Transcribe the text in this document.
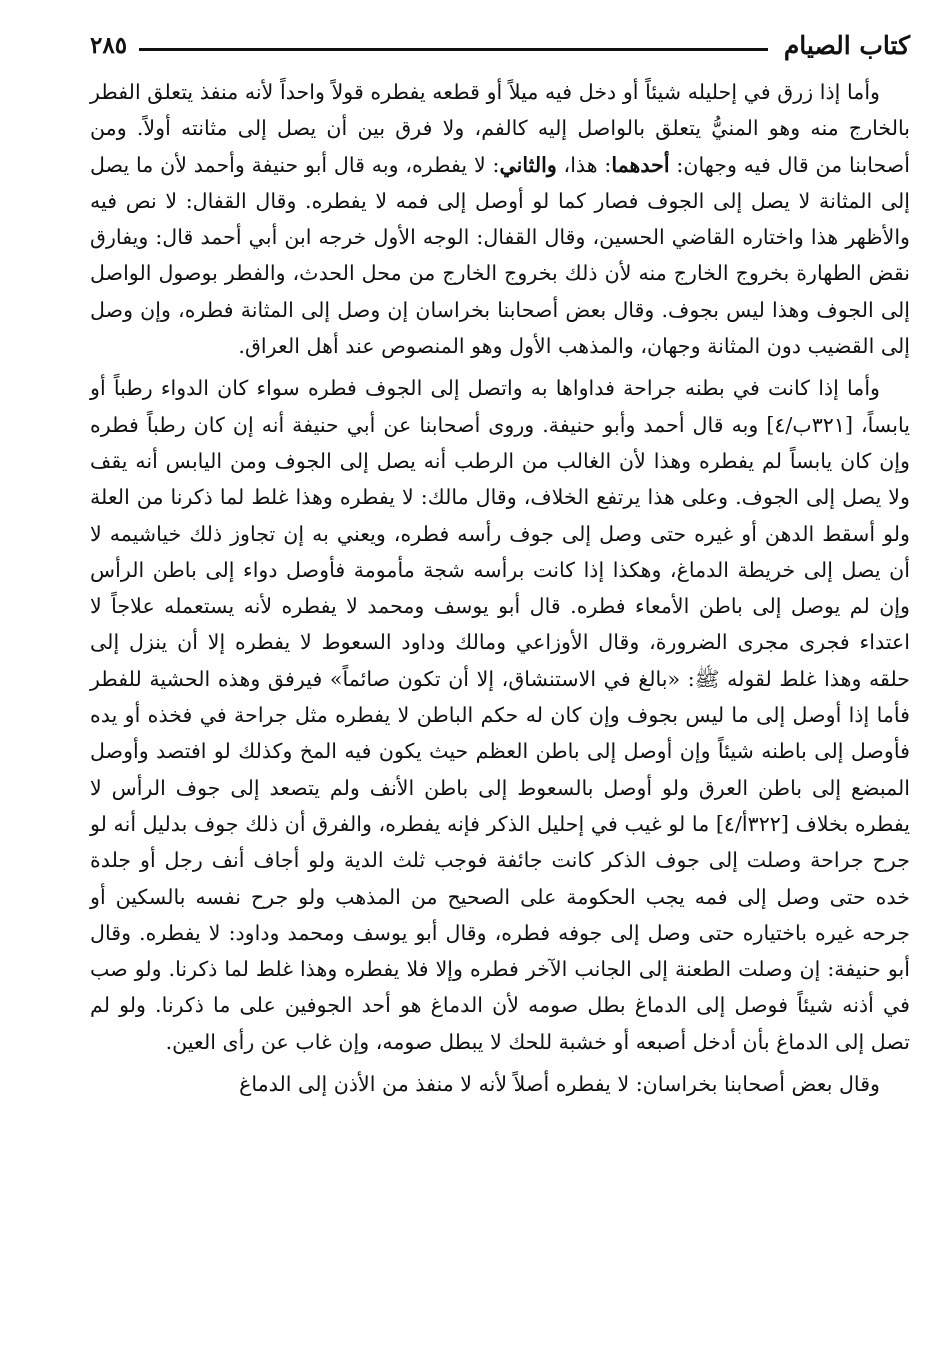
كتاب الصيام
٢٨٥

وأما إذا زرق في إحليله شيئاً أو دخل فيه ميلاً أو قطعه يفطره قولاً واحداً لأنه منفذ يتعلق الفطر بالخارج منه وهو المنيُّ يتعلق بالواصل إليه كالفم، ولا فرق بين أن يصل إلى مثانته أولاً. ومن أصحابنا من قال فيه وجهان: أحدهما: هذا، والثاني: لا يفطره، وبه قال أبو حنيفة وأحمد لأن ما يصل إلى المثانة لا يصل إلى الجوف فصار كما لو أوصل إلى فمه لا يفطره. وقال القفال: لا نص فيه والأظهر هذا واختاره القاضي الحسين، وقال القفال: الوجه الأول خرجه ابن أبي أحمد قال: ويفارق نقض الطهارة بخروج الخارج منه لأن ذلك بخروج الخارج من محل الحدث، والفطر بوصول الواصل إلى الجوف وهذا ليس بجوف. وقال بعض أصحابنا بخراسان إن وصل إلى المثانة فطره، وإن وصل إلى القضيب دون المثانة وجهان، والمذهب الأول وهو المنصوص عند أهل العراق.

وأما إذا كانت في بطنه جراحة فداواها به واتصل إلى الجوف فطره سواء كان الدواء رطباً أو يابساً، [٣٢١ب/٤] وبه قال أحمد وأبو حنيفة. وروى أصحابنا عن أبي حنيفة أنه إن كان رطباً فطره وإن كان يابساً لم يفطره وهذا لأن الغالب من الرطب أنه يصل إلى الجوف ومن اليابس أنه يقف ولا يصل إلى الجوف. وعلى هذا يرتفع الخلاف، وقال مالك: لا يفطره وهذا غلط لما ذكرنا من العلة ولو أسقط الدهن أو غيره حتى وصل إلى جوف رأسه فطره، ويعني به إن تجاوز ذلك خياشيمه لا أن يصل إلى خريطة الدماغ، وهكذا إذا كانت برأسه شجة مأمومة فأوصل دواء إلى باطن الرأس وإن لم يوصل إلى باطن الأمعاء فطره. قال أبو يوسف ومحمد لا يفطره لأنه يستعمله علاجاً لا اعتداء فجرى مجرى الضرورة، وقال الأوزاعي ومالك وداود السعوط لا يفطره إلا أن ينزل إلى حلقه وهذا غلط لقوله ﷺ: «بالغ في الاستنشاق، إلا أن تكون صائماً» فيرفق وهذه الحشية للفطر فأما إذا أوصل إلى ما ليس بجوف وإن كان له حكم الباطن لا يفطره مثل جراحة في فخذه أو يده فأوصل إلى باطنه شيئاً وإن أوصل إلى باطن العظم حيث يكون فيه المخ وكذلك لو افتصد وأوصل المبضع إلى باطن العرق ولو أوصل بالسعوط إلى باطن الأنف ولم يتصعد إلى جوف الرأس لا يفطره بخلاف [٣٢٢أ/٤] ما لو غيب في إحليل الذكر فإنه يفطره، والفرق أن ذلك جوف بدليل أنه لو جرح جراحة وصلت إلى جوف الذكر كانت جائفة فوجب ثلث الدية ولو أجاف أنف رجل أو جلدة خده حتى وصل إلى فمه يجب الحكومة على الصحيح من المذهب ولو جرح نفسه بالسكين أو جرحه غيره باختياره حتى وصل إلى جوفه فطره، وقال أبو يوسف ومحمد وداود: لا يفطره. وقال أبو حنيفة: إن وصلت الطعنة إلى الجانب الآخر فطره وإلا فلا يفطره وهذا غلط لما ذكرنا. ولو صب في أذنه شيئاً فوصل إلى الدماغ بطل صومه لأن الدماغ هو أحد الجوفين على ما ذكرنا. ولو لم تصل إلى الدماغ بأن أدخل أصبعه أو خشبة للحك لا يبطل صومه، وإن غاب عن رأى العين.

وقال بعض أصحابنا بخراسان: لا يفطره أصلاً لأنه لا منفذ من الأذن إلى الدماغ
